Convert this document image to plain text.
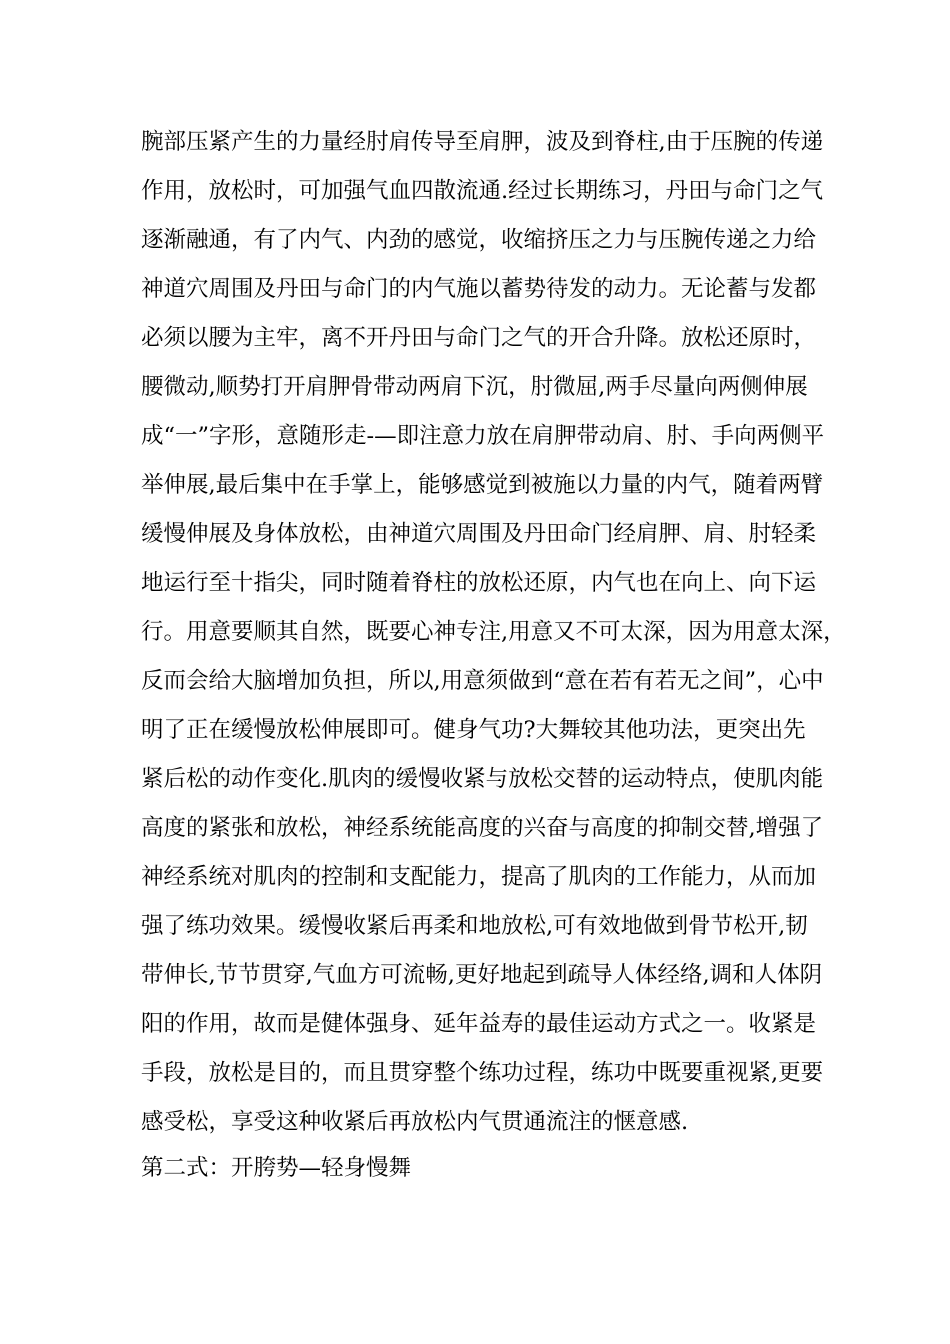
腕部压紧产生的力量经肘肩传导至肩胛，波及到脊柱,由于压腕的传递
作用，放松时，可加强气血四散流通.经过长期练习，丹田与命门之气
逐渐融通，有了内气、内劲的感觉，收缩挤压之力与压腕传递之力给
神道穴周围及丹田与命门的内气施以蓄势待发的动力。无论蓄与发都
必须以腰为主牢，离不开丹田与命门之气的开合升降。放松还原时，
腰微动,顺势打开肩胛骨带动两肩下沉，肘微屈,两手尽量向两侧伸展
成“一”字形，意随形走-—即注意力放在肩胛带动肩、肘、手向两侧平
举伸展,最后集中在手掌上，能够感觉到被施以力量的内气，随着两臂
缓慢伸展及身体放松，由神道穴周围及丹田命门经肩胛、肩、肘轻柔
地运行至十指尖，同时随着脊柱的放松还原，内气也在向上、向下运
行。用意要顺其自然，既要心神专注,用意又不可太深，因为用意太深，
反而会给大脑增加负担，所以,用意须做到“意在若有若无之间”，心中
明了正在缓慢放松伸展即可。健身气功?大舞较其他功法，更突出先
紧后松的动作变化.肌肉的缓慢收紧与放松交替的运动特点，使肌肉能
高度的紧张和放松，神经系统能高度的兴奋与高度的抑制交替,增强了
神经系统对肌肉的控制和支配能力，提高了肌肉的工作能力，从而加
强了练功效果。缓慢收紧后再柔和地放松,可有效地做到骨节松开,韧
带伸长,节节贯穿,气血方可流畅,更好地起到疏导人体经络,调和人体阴
阳的作用，故而是健体强身、延年益寿的最佳运动方式之一。收紧是
手段，放松是目的，而且贯穿整个练功过程，练功中既要重视紧,更要
感受松，享受这种收紧后再放松内气贯通流注的惬意感.

第二式：开胯势—轻身慢舞
